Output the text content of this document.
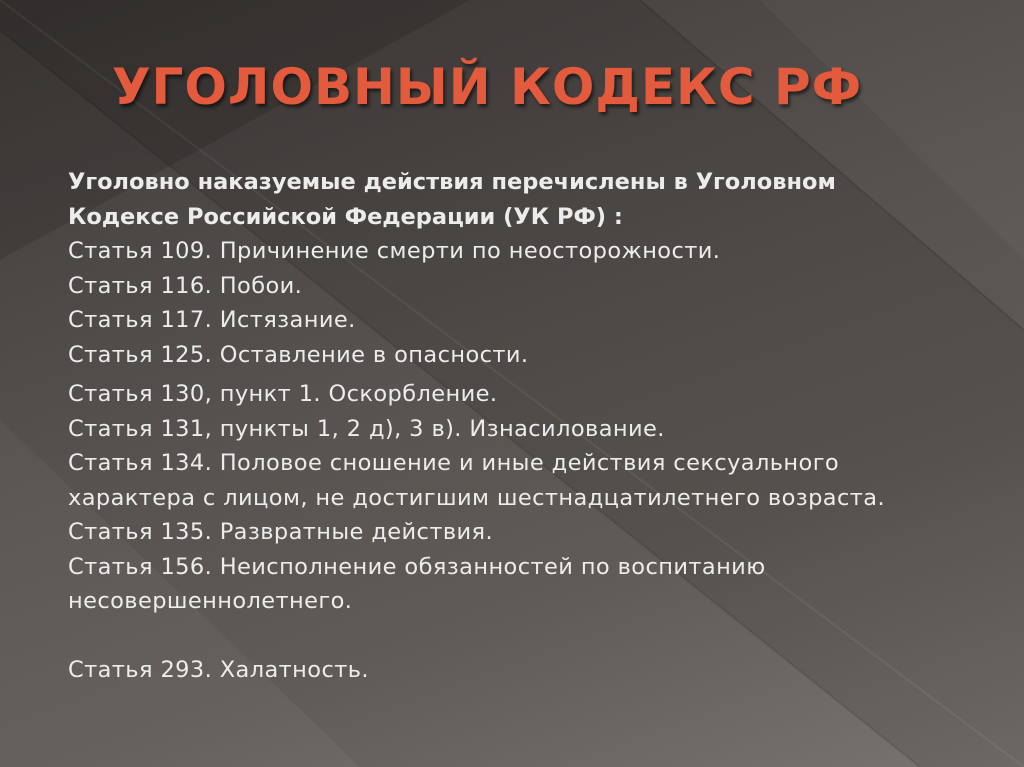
УГОЛОВНЫЙ КОДЕКС РФ

Уголовно наказуемые действия перечислены в Уголовном

Кодексе Российской Федерации (УК РФ) :

Статья 109. Причинение смерти по неосторожности.

Статья 116. Побои.

Статья 117. Истязание.

Статья 125. Оставление в опасности.

Статья 130, пункт 1. Оскорбление.

Статья 131, пункты 1, 2 д), 3 в). Изнасилование.

Статья 134. Половое сношение и иные действия сексуального характера с лицом, не достигшим шестнадцатилетнего возраста.

Статья 135. Развратные действия.

Статья 156. Неисполнение обязанностей по воспитанию несовершеннолетнего.

Статья 293. Халатность.
